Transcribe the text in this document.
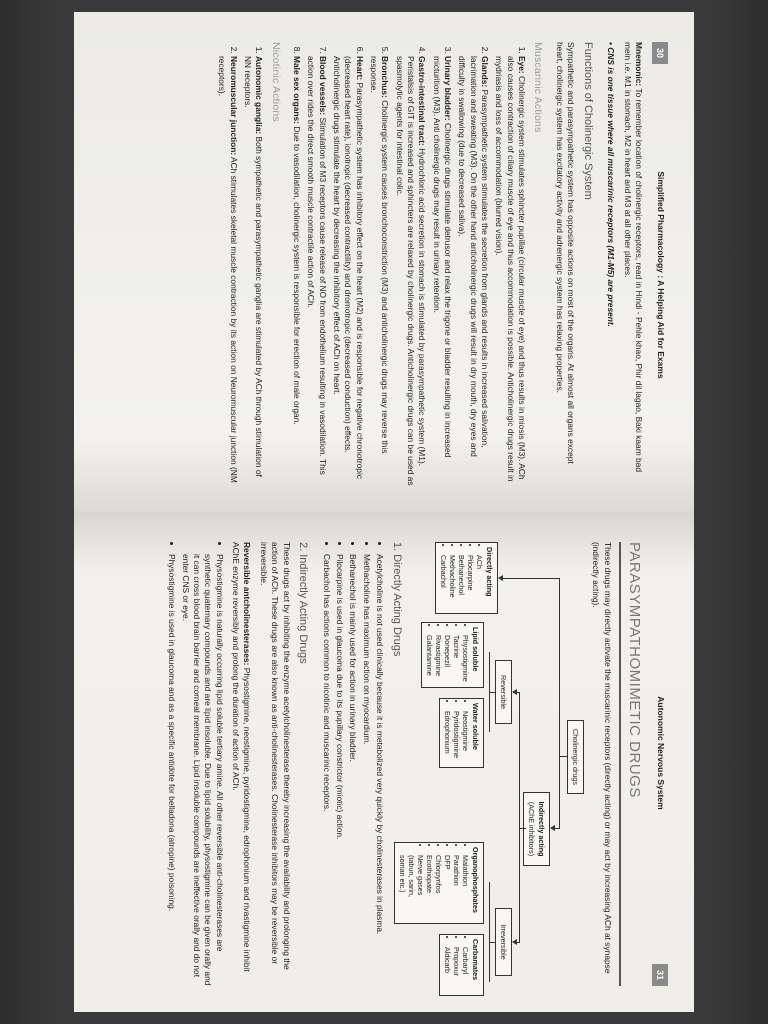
30
Simplified Pharmacology : A Helping Aid for Exams

Mnemonic: To remember location of cholinergic receptors, read in Hindi - Pehle khao, Phir dil lagao, Baki kaam bad mein i.e. M1 in stomach, M2 in heart and M3 at all other places.

• CNS is one tissue where all muscarinic receptors (M1-M5) are present.

Functions of Cholinergic System

Sympathetic and parasympathetic system has opposite actions on most of the organs. At almost all organs except heart, cholinergic system has excitatory activity and adrenergic system has relaxing properties.

Muscarinic Actions
1. Eye: Cholinergic system stimulates sphincter pupillae (circular muscle of eye) and thus results in miosis (M3). ACh also causes contraction of ciliary muscle of eye and thus accommodation is possible. Anticholinergic drugs result in mydriasis and loss of accommodation (blurred vision).
2. Glands: Parasympathetic system stimulates the secretion from glands and results in increased salivation, lacrimation and sweating (M3). On the other hand anticholinergic drugs will result in dry mouth, dry eyes and difficulty in swallowing (due to decreased saliva).
3. Urinary bladder: Cholinergic drugs stimulate detrusor and relax the trigone or bladder resulting in increased micturition (M3). Anti cholinergic drugs may result in urinary retention.
4. Gastro-intestinal tract: Hydrochloric acid secretion in stomach is stimulated by parasympathetic system (M1). Peristalsis of GIT is increased and sphincters are relaxed by cholinergic drugs. Anticholinergic drugs can be used as spasmolytic agents for intestinal colic.
5. Bronchus: Cholinergic system causes bronchoconstriction (M3) and anticholinergic drugs may reverse this response.
6. Heart: Parasympathetic system has inhibitory effect on the heart (M2) and is responsible for negative chronotropic (decreased heart rate), ionotropic (decreased contractility) and dromotropic (decreased conduction) effects. Anticholinergic drugs stimulate the heart by decreasing the inhibitory effect of ACh on heart.
7. Blood vessels: Stimulation of M3 receptors cause release of NO from endothelium resulting in vasodilation. This action over rides the direct smooth muscle contractile action of ACh.
8. Male sex organs: Due to vasodilation, cholinergic system is responsible for erection of male organ.
Nicotinic Actions
1. Autonomic ganglia: Both sympathetic and parasympathetic ganglia are stimulated by ACh through stimulation of NN receptors.
2. Neuromuscular junction: ACh stimulates skeletal muscle contraction by its action on Neuromuscular junction (NM receptors).
Autonomic Nervous System
31
PARASYMPATHOMIMETIC DRUGS

These drugs may directly activate the muscarinic receptors (directly acting) or may act by increasing ACh at synapse (indirectly acting).

Cholinergic drugs
Directly acting
• ACh
• Pilocarpine
• Bethanechol
• Methacholine
• Carbachol
Indirectly acting
(AChE inhibitors)
Reversible
Irreversible
Lipid soluble
• Physostigmine
• Tacrine
• Donepezil
• Rivastigmine
• Galantamine
Water soluble
• Neostigmine
• Pyridostigmine
• Edrophonium
Organophosphates
• Malathion
• Parathion
• DFP
• Chlorpyrifos
• Ecothiopate
• Nerve gases (tabun, sarin, soman etc.)
Carbamates
• Carbaryl
• Propoxur
• Aldicarb
1. Directly Acting Drugs
• Acetylcholine is not used clinically because it is metabolized very quickly by cholinesterases in plasma.
• Methacholine has maximum action on myocardium.
• Bethanechol is mainly used for action in urinary bladder.
• Pilocarpine is used in glaucoma due to its pupillary constrictor (miotic) action.
• Carbachol has actions common to nicotinic and muscarinic receptors.
2. Indirectly Acting Drugs

These drugs act by inhibiting the enzyme acetylcholinesterase thereby increasing the availability and prolonging the action of ACh. These drugs are also known as anti-cholinesterases. Cholinesterase inhibitors may be reversible or irreversible.

Reversible antcholinesterases: Physostigmine, neostigmine, pyridostigmine, edrophonium and rivastigmine inhibit AChE enzyme reversibly and prolong the duration of action of ACh.

• Physostigmine is naturally occurring lipid soluble tertiary amine. All other reversible anti-cholinesterases are synthetic quaternary compounds and are lipid insoluble. Due to lipid solubility, physostigmine can be given orally and it can cross blood brain barrier and corneal membrane. Lipid insoluble compounds are ineffective orally and do not enter CNS or eye.
• Physostigmine is used in glaucoma and as a specific antidote for belladona (atropine) poisoning.
